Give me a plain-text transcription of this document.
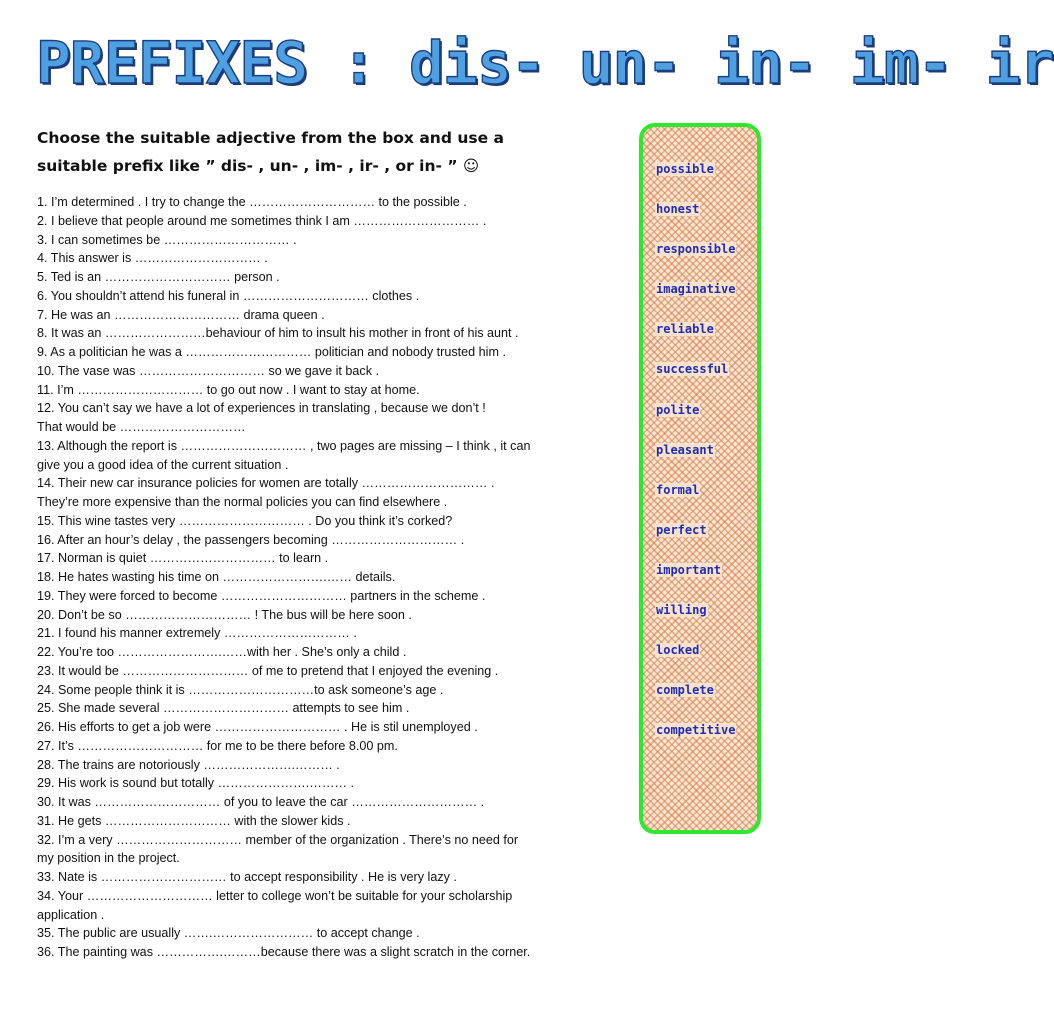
PREFIXES : dis- un- in- im- ir
Choose the suitable adjective from the box and use a
suitable prefix like ” dis- , un- , im- , ir- , or in- ” ☺
1. I’m determined . I try to change the ………………………… to the possible .
2. I believe that people around me sometimes think I am ………………………… .
3. I can sometimes be ………………………… .
4. This answer is ………………………… .
5. Ted is an ………………………… person .
6. You shouldn’t attend his funeral in ………………………… clothes .
7. He was an ………………………… drama queen .
8. It was an ……………………behaviour of him to insult his mother in front of his aunt .
9. As a politician he was a ………………………… politician and nobody trusted him .
10. The vase was ………………………… so we gave it back .
11. I’m ………………………… to go out now . I want to stay at home.
12. You can’t say we have a lot of experiences in translating , because we don’t !
That would be …………………………
13. Although the report is ………………………… , two pages are missing – I think , it can
give you a good idea of the current situation .
14. Their new car insurance policies for women are totally ………………………… .
They’re more expensive than the normal policies you can find elsewhere .
15. This wine tastes very ………………………… . Do you think it’s corked?
16. After an hour’s delay , the passengers becoming ………………………… .
17. Norman is quiet ………………………… to learn .
18. He hates wasting his time on …………………….…… details.
19. They were forced to become ………………………… partners in the scheme .
20. Don’t be so ………………………… ! The bus will be here soon .
21. I found his manner extremely ………………………… .
22. You’re too …………………….……with her . She’s only a child .
23. It would be ………………………… of me to pretend that I enjoyed the evening .
24. Some people think it is …………………………to ask someone’s age .
25. She made several ………………………… attempts to see him .
26. His efforts to get a job were ………………………… . He is stil unemployed .
27. It’s ………………………… for me to be there before 8.00 pm.
28. The trains are notoriously ………………….……… .
29. His work is sound but totally ………………….……… .
30. It was ………………………… of you to leave the car ………………………… .
31. He gets ………………………… with the slower kids .
32. I’m a very ………………………… member of the organization . There’s no need for
my position in the project.
33. Nate is ………………………… to accept responsibility . He is very lazy .
34. Your ………………………… letter to college won’t be suitable for your scholarship
application .
35. The public are usually …….…………………… to accept change .
36. The painting was …………….………because there was a slight scratch in the corner.
possible
honest
responsible
imaginative
reliable
successful
polite
pleasant
formal
perfect
important
willing
locked
complete
competitive
